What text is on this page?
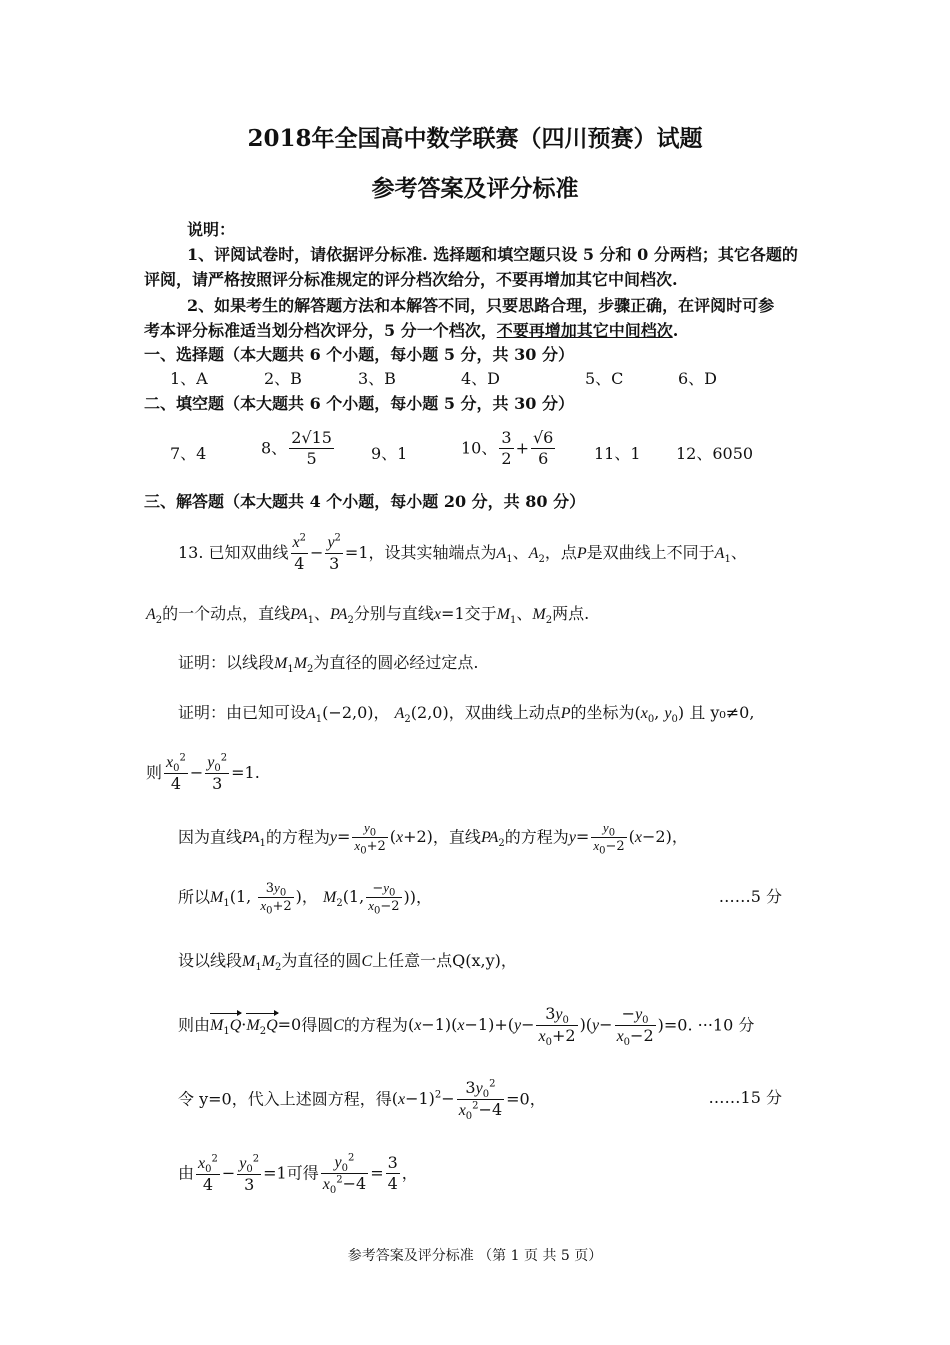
2018年全国高中数学联赛（四川预赛）试题
参考答案及评分标准
说明：
1、评阅试卷时，请依据评分标准. 选择题和填空题只设 5 分和 0 分两档；其它各题的
评阅，请严格按照评分标准规定的评分档次给分，不要再增加其它中间档次.
2、如果考生的解答题方法和本解答不同，只要思路合理，步骤正确，在评阅时可参
考本评分标准适当划分档次评分，5 分一个档次，不要再增加其它中间档次.
一、选择题（本大题共 6 个小题，每小题 5 分，共 30 分）
1、A	2、B	3、B	4、D	5、C	6、D
二、填空题（本大题共 6 个小题，每小题 5 分，共 30 分）
7、4	8、 $\frac{2√15}{5} 9$、1	10、 $\frac{3}{2} + \frac{√6}{6} 11$、1 12、6050
三、解答题（本大题共 4 个小题，每小题 20 分，共 80 分）
13. 已知双曲线 $\frac{x^2}{4} - \frac{y^2}{3} =1$，设其实轴端点为$A_1$、$A_2$，点P是双曲线上不同于$A_1$、
$A_2$的一个动点，直线$PA_1$、$PA_2$分别与直线x=1交于$M_1$、$M_2$两点.
证明：以线段$M_1M_2$为直径的圆必经过定点.
证明：由已知可设$A_1(-2,0)$， $A_2(2,0)$，双曲线上动点P的坐标为($x_0$, $y_0$) 且 y₀≠0,
则 $\frac{x_0^2}{4} - \frac{y_0^2}{3} =1$.
因为直线$PA_1$的方程为$y= \frac{y_0}{x_0+2} (x+2)$，直线$PA_2$的方程为$y= \frac{y_0}{x_0-2} (x-2)$，
所以$M_1(1$, $\frac{3y_0}{x_0+2}$ )， $M_2(1$, $\frac{-y_0}{x_0-2}$ ))，	……5 分
设以线段$M_1M_2$为直径的圆C上任意一点Q(x,y)，
则由$M_1Q\cdot M_2Q=0$得圆C的方程为$(x-1)(x-1)+(y- \frac{3y_0}{x_0+2} )(y- \frac{-y_0}{x_0-2} )=0$. ···10 分
令 y=0，代入上述圆方程，得$(x-1)^2- \frac{3y_0^2}{x_0^2-4} =0$，	……15 分
由 $\frac{x_0^2}{4} - \frac{y_0^2}{3} =1$可得 $\frac{y_0^2}{x_0^2-4} = \frac{3}{4}$ ，
参考答案及评分标准 （第 1 页 共 5 页）
